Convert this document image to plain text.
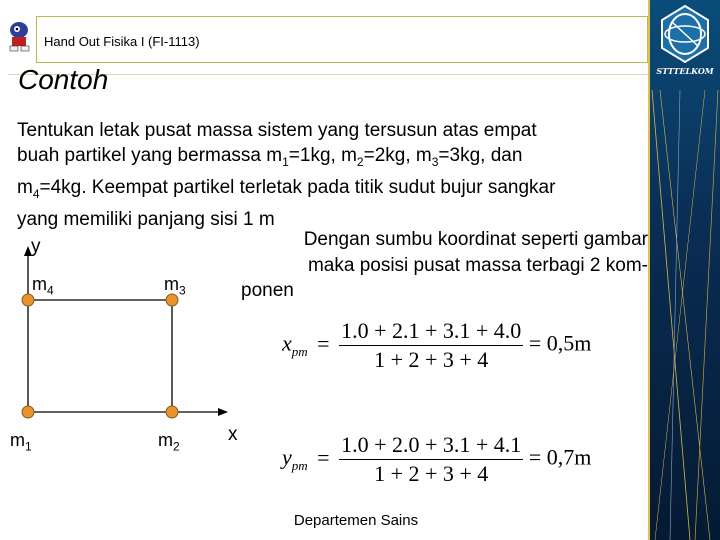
STTTELKOM
Hand Out Fisika I (FI-1113)
Contoh
Tentukan letak pusat massa sistem yang tersusun atas empat
buah partikel yang bermassa $m_1=1kg$, $m_2=2kg$, $m_3=3kg$, dan
$m_4=4kg$. Keempat partikel terletak pada titik sudut bujur sangkar
yang memiliki panjang sisi 1 m
Dengan sumbu koordinat seperti gambar
maka posisi pusat massa terbagi 2 kom-
ponen
y
x
$m_4$	$m_3$
$m_1$	$m_2$
$x_{pm} = \frac{1.0 + 2.1 + 3.1 + 4.0}{1 + 2 + 3 + 4} = 0,5m$
$y_{pm} = \frac{1.0 + 2.0 + 3.1 + 4.1}{1 + 2 + 3 + 4} = 0,7m$
Departemen Sains
